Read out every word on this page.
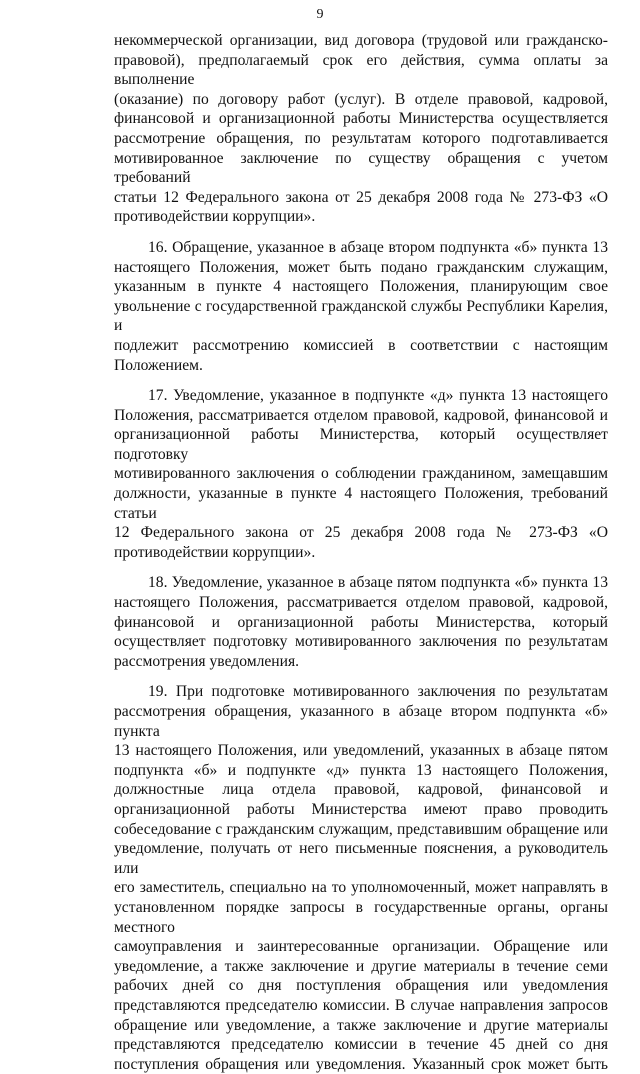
9

некоммерческой организации, вид договора (трудовой или гражданско-
правовой), предполагаемый срок его действия, сумма оплаты за выполнение
(оказание) по договору работ (услуг). В отделе правовой, кадровой,
финансовой и организационной работы Министерства осуществляется
рассмотрение обращения, по результатам которого подготавливается
мотивированное заключение по существу обращения с учетом требований
статьи 12 Федерального закона от 25 декабря 2008 года № 273-ФЗ «О
противодействии коррупции».

16. Обращение, указанное в абзаце втором подпункта «б» пункта 13
настоящего Положения, может быть подано гражданским служащим,
указанным в пункте 4 настоящего Положения, планирующим свое
увольнение с государственной гражданской службы Республики Карелия, и
подлежит рассмотрению комиссией в соответствии с настоящим
Положением.

17. Уведомление, указанное в подпункте «д» пункта 13 настоящего
Положения, рассматривается отделом правовой, кадровой, финансовой и
организационной работы Министерства, который осуществляет подготовку
мотивированного заключения о соблюдении гражданином, замещавшим
должности, указанные в пункте 4 настоящего Положения, требований статьи
12 Федерального закона от 25 декабря 2008 года № 273-ФЗ «О
противодействии коррупции».

18. Уведомление, указанное в абзаце пятом подпункта «б» пункта 13
настоящего Положения, рассматривается отделом правовой, кадровой,
финансовой и организационной работы Министерства, который
осуществляет подготовку мотивированного заключения по результатам
рассмотрения уведомления.

19. При подготовке мотивированного заключения по результатам
рассмотрения обращения, указанного в абзаце втором подпункта «б» пункта
13 настоящего Положения, или уведомлений, указанных в абзаце пятом
подпункта «б» и подпункте «д» пункта 13 настоящего Положения,
должностные лица отдела правовой, кадровой, финансовой и
организационной работы Министерства имеют право проводить
собеседование с гражданским служащим, представившим обращение или
уведомление, получать от него письменные пояснения, а руководитель или
его заместитель, специально на то уполномоченный, может направлять в
установленном порядке запросы в государственные органы, органы местного
самоуправления и заинтересованные организации. Обращение или
уведомление, а также заключение и другие материалы в течение семи
рабочих дней со дня поступления обращения или уведомления
представляются председателю комиссии. В случае направления запросов
обращение или уведомление, а также заключение и другие материалы
представляются председателю комиссии в течение 45 дней со дня
поступления обращения или уведомления. Указанный срок может быть
